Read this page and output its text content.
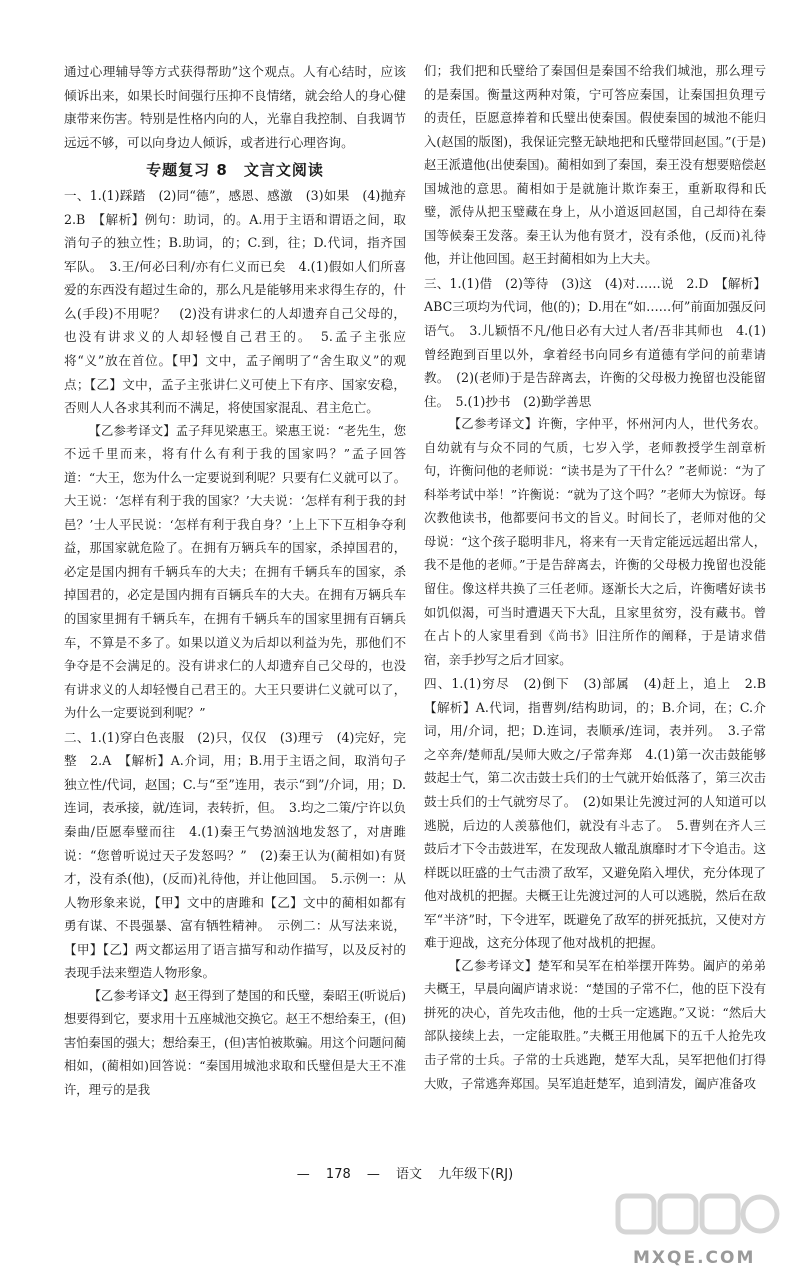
通过心理辅导等方式获得帮助”这个观点。人有心结时，应该倾诉出来，如果长时间强行压抑不良情绪，就会给人的身心健康带来伤害。特别是性格内向的人，光靠自我控制、自我调节远远不够，可以向身边人倾诉，或者进行心理咨询。

专题复习 8　文言文阅读

一、1.(1)踩踏　(2)同“德”，感恩、感激　(3)如果　(4)抛弃　2.B　【解析】例句：助词，的。A.用于主语和谓语之间，取消句子的独立性；B.助词，的；C.到，往；D.代词，指齐国军队。　3.王/何必曰利/亦有仁义而已矣　4.(1)假如人们所喜爱的东西没有超过生命的，那么凡是能够用来求得生存的，什么(手段)不用呢？　(2)没有讲求仁的人却遗弃自己父母的，也没有讲求义的人却轻慢自己君王的。　5.孟子主张应将“义”放在首位。【甲】文中，孟子阐明了“舍生取义”的观点；【乙】文中，孟子主张讲仁义可使上下有序、国家安稳，否则人人各求其利而不满足，将使国家混乱、君主危亡。

【乙参考译文】孟子拜见梁惠王。梁惠王说：“老先生，您不远千里而来，将有什么有利于我的国家吗？”孟子回答道：“大王，您为什么一定要说到利呢？只要有仁义就可以了。大王说：‘怎样有利于我的国家？’大夫说：‘怎样有利于我的封邑？’士人平民说：‘怎样有利于我自身？’上上下下互相争夺利益，那国家就危险了。在拥有万辆兵车的国家，杀掉国君的，必定是国内拥有千辆兵车的大夫；在拥有千辆兵车的国家，杀掉国君的，必定是国内拥有百辆兵车的大夫。在拥有万辆兵车的国家里拥有千辆兵车，在拥有千辆兵车的国家里拥有百辆兵车，不算是不多了。如果以道义为后却以利益为先，那他们不争夺是不会满足的。没有讲求仁的人却遗弃自己父母的，也没有讲求义的人却轻慢自己君王的。大王只要讲仁义就可以了，为什么一定要说到利呢？”

二、1.(1)穿白色丧服　(2)只，仅仅　(3)理亏　(4)完好，完整　2.A　【解析】A.介词，用；B.用于主语之间，取消句子独立性/代词，赵国；C.与“至”连用，表示“到”/介词，用；D.连词，表承接，就/连词，表转折，但。　3.均之二策/宁许以负秦曲/臣愿奉璧而往　4.(1)秦王气势汹汹地发怒了，对唐雎说：“您曾听说过天子发怒吗？”　(2)秦王认为(蔺相如)有贤才，没有杀(他)，(反而)礼待他，并让他回国。　5.示例一：从人物形象来说，【甲】文中的唐雎和【乙】文中的蔺相如都有勇有谋、不畏强暴、富有牺牲精神。　示例二：从写法来说，【甲】【乙】两文都运用了语言描写和动作描写，以及反衬的表现手法来塑造人物形象。

【乙参考译文】赵王得到了楚国的和氏璧，秦昭王(听说后)想要得到它，要求用十五座城池交换它。赵王不想给秦王，(但)害怕秦国的强大；想给秦王，(但)害怕被欺骗。用这个问题问蔺相如，(蔺相如)回答说：“秦国用城池求取和氏璧但是大王不准许，理亏的是我

们；我们把和氏璧给了秦国但是秦国不给我们城池，那么理亏的是秦国。衡量这两种对策，宁可答应秦国，让秦国担负理亏的责任，臣愿意捧着和氏璧出使秦国。假使秦国的城池不能归入(赵国的版图)，我保证完整无缺地把和氏璧带回赵国。”(于是)赵王派遣他(出使秦国)。蔺相如到了秦国，秦王没有想要赔偿赵国城池的意思。蔺相如于是就施计欺诈秦王，重新取得和氏璧，派侍从把玉璧藏在身上，从小道返回赵国，自己却待在秦国等候秦王发落。秦王认为他有贤才，没有杀他，(反而)礼待他，并让他回国。赵王封蔺相如为上大夫。

三、1.(1)借　(2)等待　(3)这　(4)对……说　2.D　【解析】ABC三项均为代词，他(的)；D.用在“如……何”前面加强反问语气。　3.儿颖悟不凡/他日必有大过人者/吾非其师也　4.(1)曾经跑到百里以外，拿着经书向同乡有道德有学问的前辈请教。　(2)(老师)于是告辞离去，许衡的父母极力挽留也没能留住。　5.(1)抄书　(2)勤学善思

【乙参考译文】许衡，字仲平，怀州河内人，世代务农。自幼就有与众不同的气质，七岁入学，老师教授学生剖章析句，许衡问他的老师说：“读书是为了干什么？”老师说：“为了科举考试中举！”许衡说：“就为了这个吗？”老师大为惊讶。每次教他读书，他都要问书文的旨义。时间长了，老师对他的父母说：“这个孩子聪明非凡，将来有一天肯定能远远超出常人，我不是他的老师。”于是告辞离去，许衡的父母极力挽留也没能留住。像这样共换了三任老师。逐渐长大之后，许衡嗜好读书如饥似渴，可当时遭遇天下大乱，且家里贫穷，没有藏书。曾在占卜的人家里看到《尚书》旧注所作的阐释，于是请求借宿，亲手抄写之后才回家。

四、1.(1)穷尽　(2)倒下　(3)部属　(4)赶上，追上　2.B　【解析】A.代词，指曹刿/结构助词，的；B.介词，在；C.介词，用/介词，把；D.连词，表顺承/连词，表并列。　3.子常之卒奔/楚师乱/吴师大败之/子常奔郑　4.(1)第一次击鼓能够鼓起士气，第二次击鼓士兵们的士气就开始低落了，第三次击鼓士兵们的士气就穷尽了。　(2)如果让先渡过河的人知道可以逃脱，后边的人羡慕他们，就没有斗志了。　5.曹刿在齐人三鼓后才下令击鼓进军，在发现敌人辙乱旗靡时才下令追击。这样既以旺盛的士气击溃了敌军，又避免陷入埋伏，充分体现了他对战机的把握。夫概王让先渡过河的人可以逃脱，然后在敌军“半济”时，下令进军，既避免了敌军的拼死抵抗，又使对方难于迎战，这充分体现了他对战机的把握。

【乙参考译文】楚军和吴军在柏举摆开阵势。阖庐的弟弟夫概王，早晨向阖庐请求说：“楚国的子常不仁，他的臣下没有拼死的决心，首先攻击他，他的士兵一定逃跑。”又说：“然后大部队接续上去，一定能取胜。”夫概王用他属下的五千人抢先攻击子常的士兵。子常的士兵逃跑，楚军大乱，吴军把他们打得大败，子常逃奔郑国。吴军追赶楚军，追到清发，阖庐准备攻

— 178 — 语文 九年级下(RJ)
MXQE.COM
